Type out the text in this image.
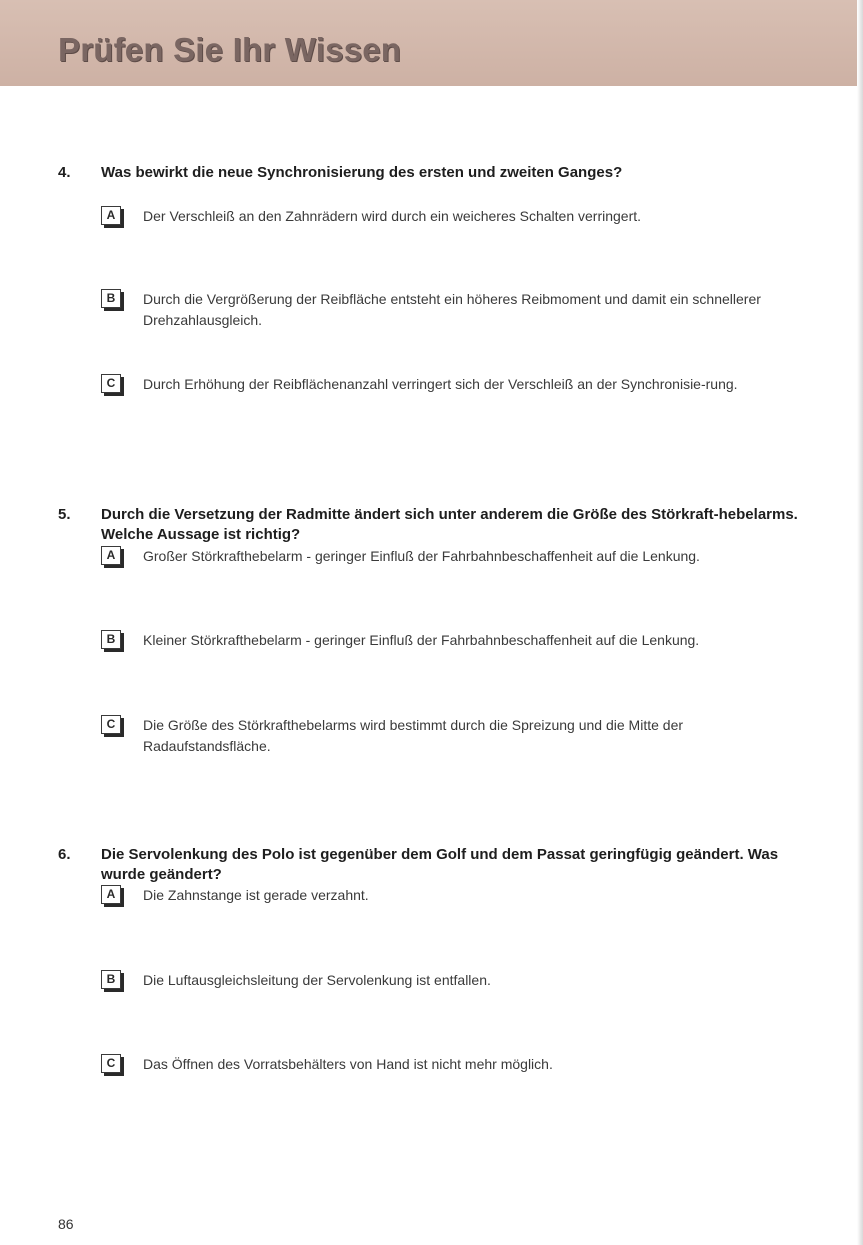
Prüfen Sie Ihr Wissen
4. Was bewirkt die neue Synchronisierung des ersten und zweiten Ganges?
A	Der Verschleiß an den Zahnrädern wird durch ein weicheres Schalten verringert.
B	Durch die Vergrößerung der Reibfläche entsteht ein höheres Reibmoment und damit ein schnellerer Drehzahlausgleich.
C	Durch Erhöhung der Reibflächenanzahl verringert sich der Verschleiß an der Synchronisie-rung.
5. Durch die Versetzung der Radmitte ändert sich unter anderem die Größe des Störkraft-hebelarms. Welche Aussage ist richtig?
A	Großer Störkrafthebelarm - geringer Einfluß der Fahrbahnbeschaffenheit auf die Lenkung.
B	Kleiner Störkrafthebelarm - geringer Einfluß der Fahrbahnbeschaffenheit auf die Lenkung.
C	Die Größe des Störkrafthebelarms wird bestimmt durch die Spreizung und die Mitte der Radaufstandsfläche.
6. Die Servolenkung des Polo ist gegenüber dem Golf und dem Passat geringfügig geändert. Was wurde geändert?
A	Die Zahnstange ist gerade verzahnt.
B	Die Luftausgleichsleitung der Servolenkung ist entfallen.
C	Das Öffnen des Vorratsbehälters von Hand ist nicht mehr möglich.
86
